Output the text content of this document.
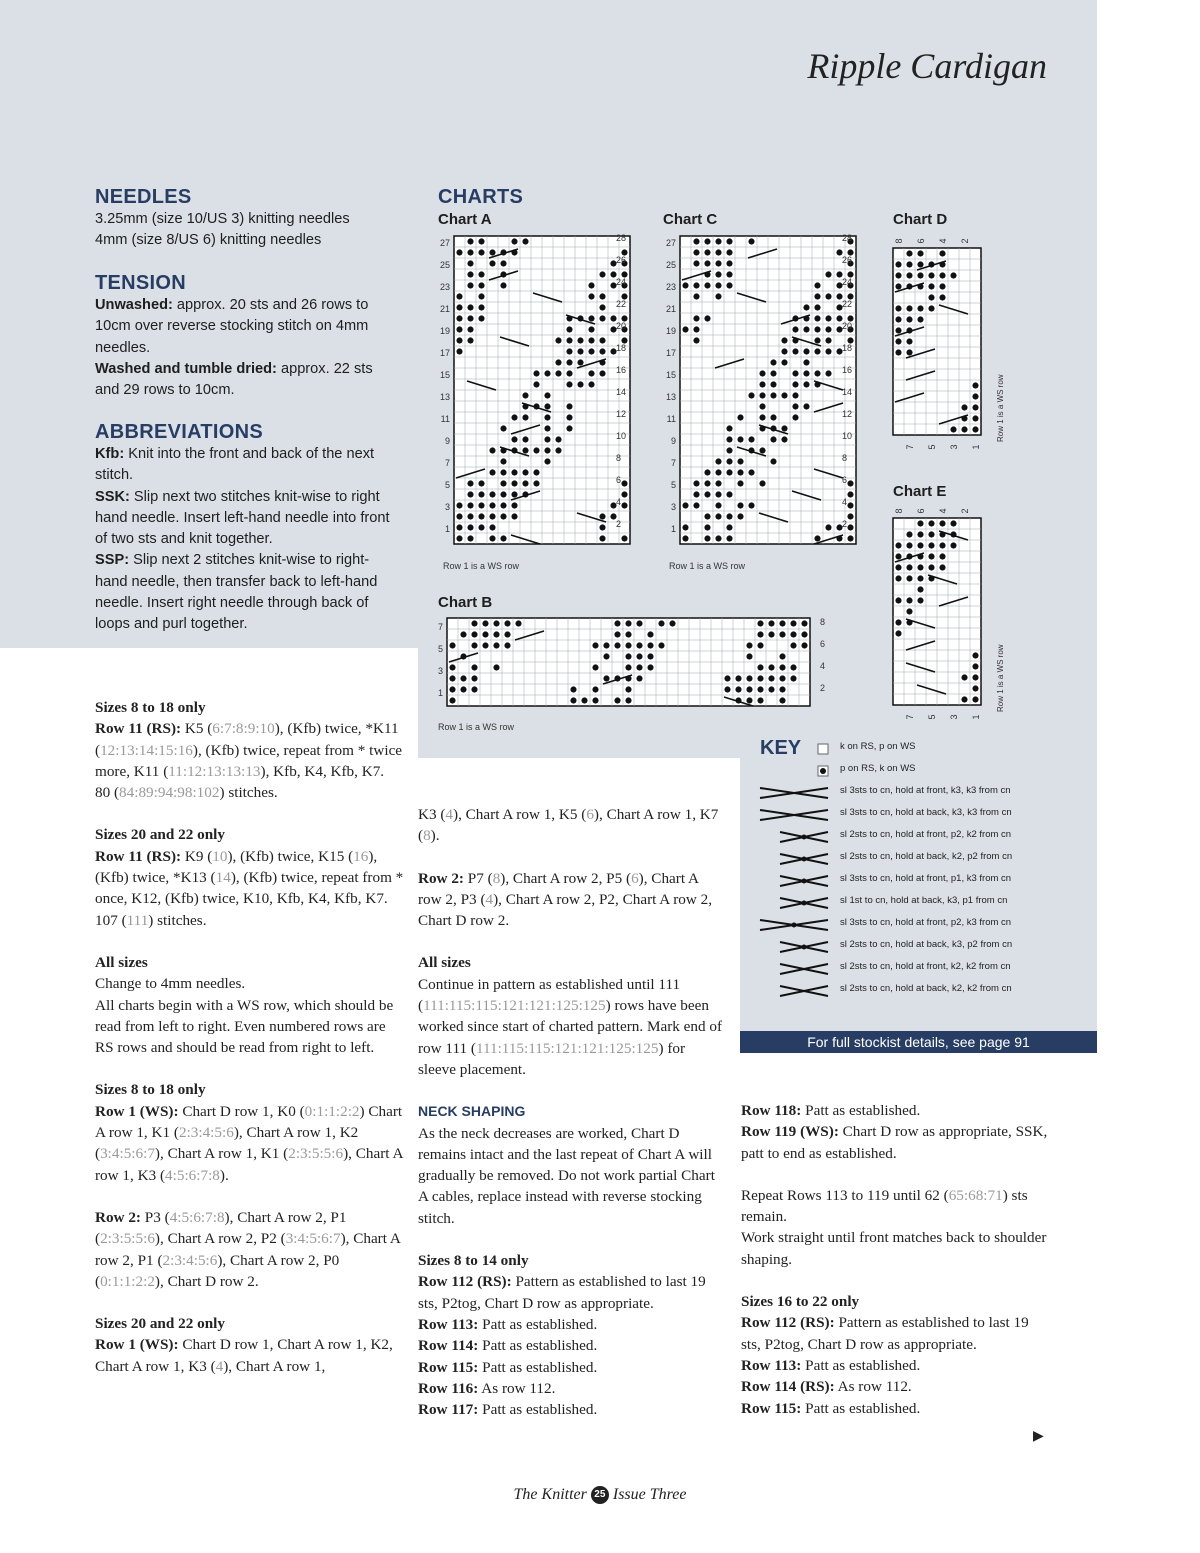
Ripple Cardigan
NEEDLES
3.25mm (size 10/US 3) knitting needles
4mm (size 8/US 6) knitting needles
TENSION
Unwashed: approx. 20 sts and 26 rows to 10cm over reverse stocking stitch on 4mm needles.
Washed and tumble dried: approx. 22 sts and 29 rows to 10cm.
ABBREVIATIONS
Kfb: Knit into the front and back of the next stitch.
SSK: Slip next two stitches knit-wise to right hand needle. Insert left-hand needle into front of two sts and knit together.
SSP: Slip next 2 stitches knit-wise to right-hand needle, then transfer back to left-hand needle. Insert right needle through back of loops and purl together.
CHARTS
Chart A	Chart C	Chart D
Chart E
Chart B
27
25
23
21
19
17
15
13
11
9
7
5
3
1
28
26
24
22
20
18
16
14
12
10
8
6
4
2
Row 1 is a WS row
27
25
23
21
19
17
15
13
11
9
7
5
3
1
28
26
24
22
20
18
16
14
12
10
8
6
4
2
Row 1 is a WS row
8 6 4 2
7 5 3 1
Row 1 is a WS row
8 6 4 2
7 5 3 1
Row 1 is a WS row
7
5
3
1
8
6
4
2
Row 1 is a WS row
KEY	k on RS, p on WS
p on RS, k on WS
sl 3sts to cn, hold at front, k3, k3 from cn
sl 3sts to cn, hold at back, k3, k3 from cn
sl 2sts to cn, hold at front, p2, k2 from cn
sl 2sts to cn, hold at back, k2, p2 from cn
sl 3sts to cn, hold at front, p1, k3 from cn
sl 1st to cn, hold at back, k3, p1 from cn
sl 3sts to cn, hold at front, p2, k3 from cn
sl 2sts to cn, hold at back, k3, p2 from cn
sl 2sts to cn, hold at front, k2, k2 from cn
sl 2sts to cn, hold at back, k2, k2 from cn
For full stockist details, see page 91
Sizes 8 to 18 only
Row 11 (RS): K5 (6:7:8:9:10), (Kfb) twice, *K11 (12:13:14:15:16), (Kfb) twice, repeat from * twice more, K11 (11:12:13:13:13), Kfb, K4, Kfb, K7.
80 (84:89:94:98:102) stitches.
Sizes 20 and 22 only
Row 11 (RS): K9 (10), (Kfb) twice, K15 (16), (Kfb) twice, *K13 (14), (Kfb) twice, repeat from * once, K12, (Kfb) twice, K10, Kfb, K4, Kfb, K7.
107 (111) stitches.
All sizes
Change to 4mm needles.
All charts begin with a WS row, which should be read from left to right. Even numbered rows are RS rows and should be read from right to left.
Sizes 8 to 18 only
Row 1 (WS): Chart D row 1, K0 (0:1:1:2:2) Chart A row 1, K1 (2:3:4:5:6), Chart A row 1, K2 (3:4:5:6:7), Chart A row 1, K1 (2:3:5:5:6), Chart A row 1, K3 (4:5:6:7:8).
Row 2: P3 (4:5:6:7:8), Chart A row 2, P1 (2:3:5:5:6), Chart A row 2, P2 (3:4:5:6:7), Chart A row 2, P1 (2:3:4:5:6), Chart A row 2, P0 (0:1:1:2:2), Chart D row 2.
Sizes 20 and 22 only
Row 1 (WS): Chart D row 1, Chart A row 1, K2, Chart A row 1, K3 (4), Chart A row 1,
K3 (4), Chart A row 1, K5 (6), Chart A row 1, K7 (8).
Row 2: P7 (8), Chart A row 2, P5 (6), Chart A row 2, P3 (4), Chart A row 2, P2, Chart A row 2, Chart D row 2.
All sizes
Continue in pattern as established until 111 (111:115:115:121:121:125:125) rows have been worked since start of charted pattern. Mark end of row 111 (111:115:115:121:121:125:125) for sleeve placement.
NECK SHAPING
As the neck decreases are worked, Chart D remains intact and the last repeat of Chart A will gradually be removed. Do not work partial Chart A cables, replace instead with reverse stocking stitch.
Sizes 8 to 14 only
Row 112 (RS): Pattern as established to last 19 sts, P2tog, Chart D row as appropriate.
Row 113: Patt as established.
Row 114: Patt as established.
Row 115: Patt as established.
Row 116: As row 112.
Row 117: Patt as established.
Row 118: Patt as established.
Row 119 (WS): Chart D row as appropriate, SSK, patt to end as established.
Repeat Rows 113 to 119 until 62 (65:68:71) sts remain.
Work straight until front matches back to shoulder shaping.
Sizes 16 to 22 only
Row 112 (RS): Pattern as established to last 19 sts, P2tog, Chart D row as appropriate.
Row 113: Patt as established.
Row 114 (RS): As row 112.
Row 115: Patt as established.
▶
The Knitter 25 Issue Three
